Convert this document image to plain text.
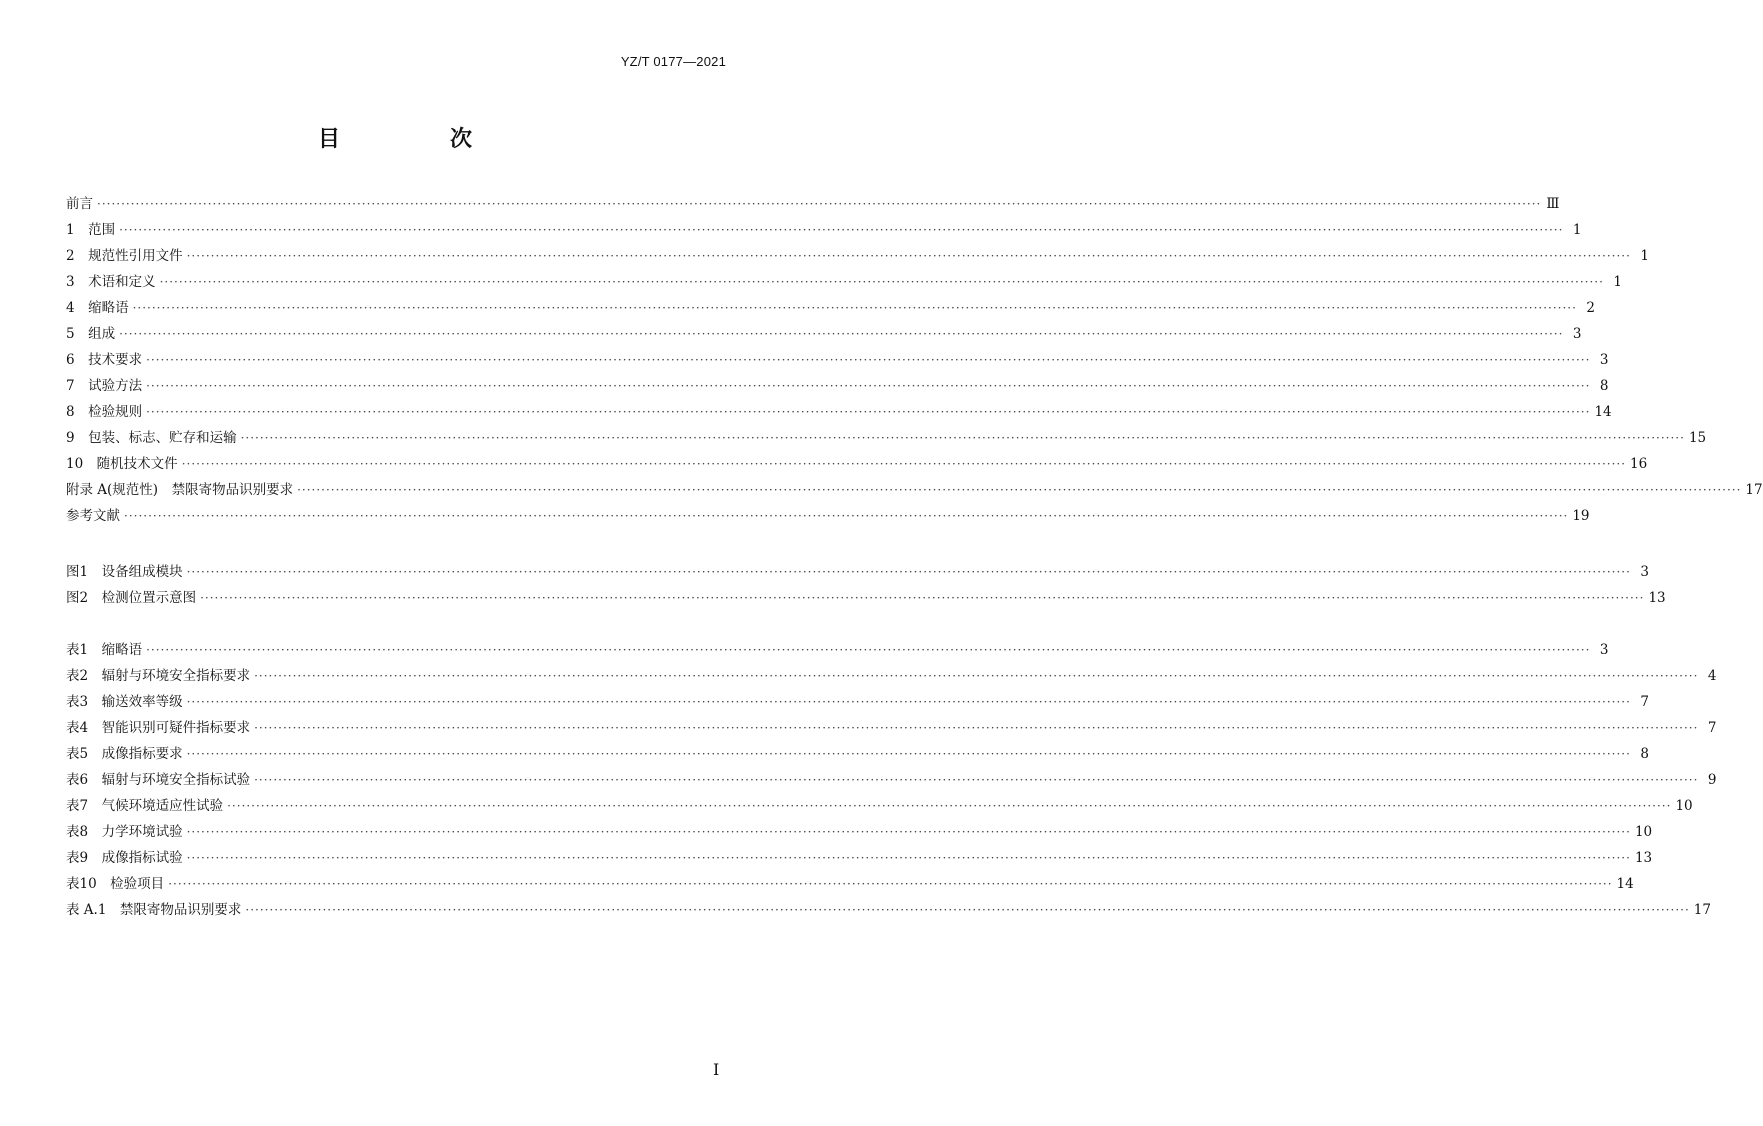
YZ/T 0177—2021
目　次
前言 ············································································································································································································································································································ Ⅲ
1　范围 ············································································································································································································································································································ 1
2　规范性引用文件 ············································································································································································································································································································ 1
3　术语和定义 ············································································································································································································································································································ 1
4　缩略语 ············································································································································································································································································································ 2
5　组成 ············································································································································································································································································································ 3
6　技术要求 ············································································································································································································································································································ 3
7　试验方法 ············································································································································································································································································································ 8
8　检验规则 ············································································································································································································································································································ 14
9　包装、标志、贮存和运输 ············································································································································································································································································································ 15
10　随机技术文件 ············································································································································································································································································································ 16
附录 A(规范性)　禁限寄物品识别要求 ············································································································································································································································································································ 17
参考文献 ············································································································································································································································································································ 19
图1　设备组成模块 ············································································································································································································································································································ 3
图2　检测位置示意图 ············································································································································································································································································································ 13
表1　缩略语 ············································································································································································································································································································ 3
表2　辐射与环境安全指标要求 ············································································································································································································································································································ 4
表3　输送效率等级 ············································································································································································································································································································ 7
表4　智能识别可疑件指标要求 ············································································································································································································································································································ 7
表5　成像指标要求 ············································································································································································································································································································ 8
表6　辐射与环境安全指标试验 ············································································································································································································································································································ 9
表7　气候环境适应性试验 ············································································································································································································································································································ 10
表8　力学环境试验 ············································································································································································································································································································ 10
表9　成像指标试验 ············································································································································································································································································································ 13
表10　检验项目 ············································································································································································································································································································ 14
表 A.1　禁限寄物品识别要求 ············································································································································································································································································································ 17
I
